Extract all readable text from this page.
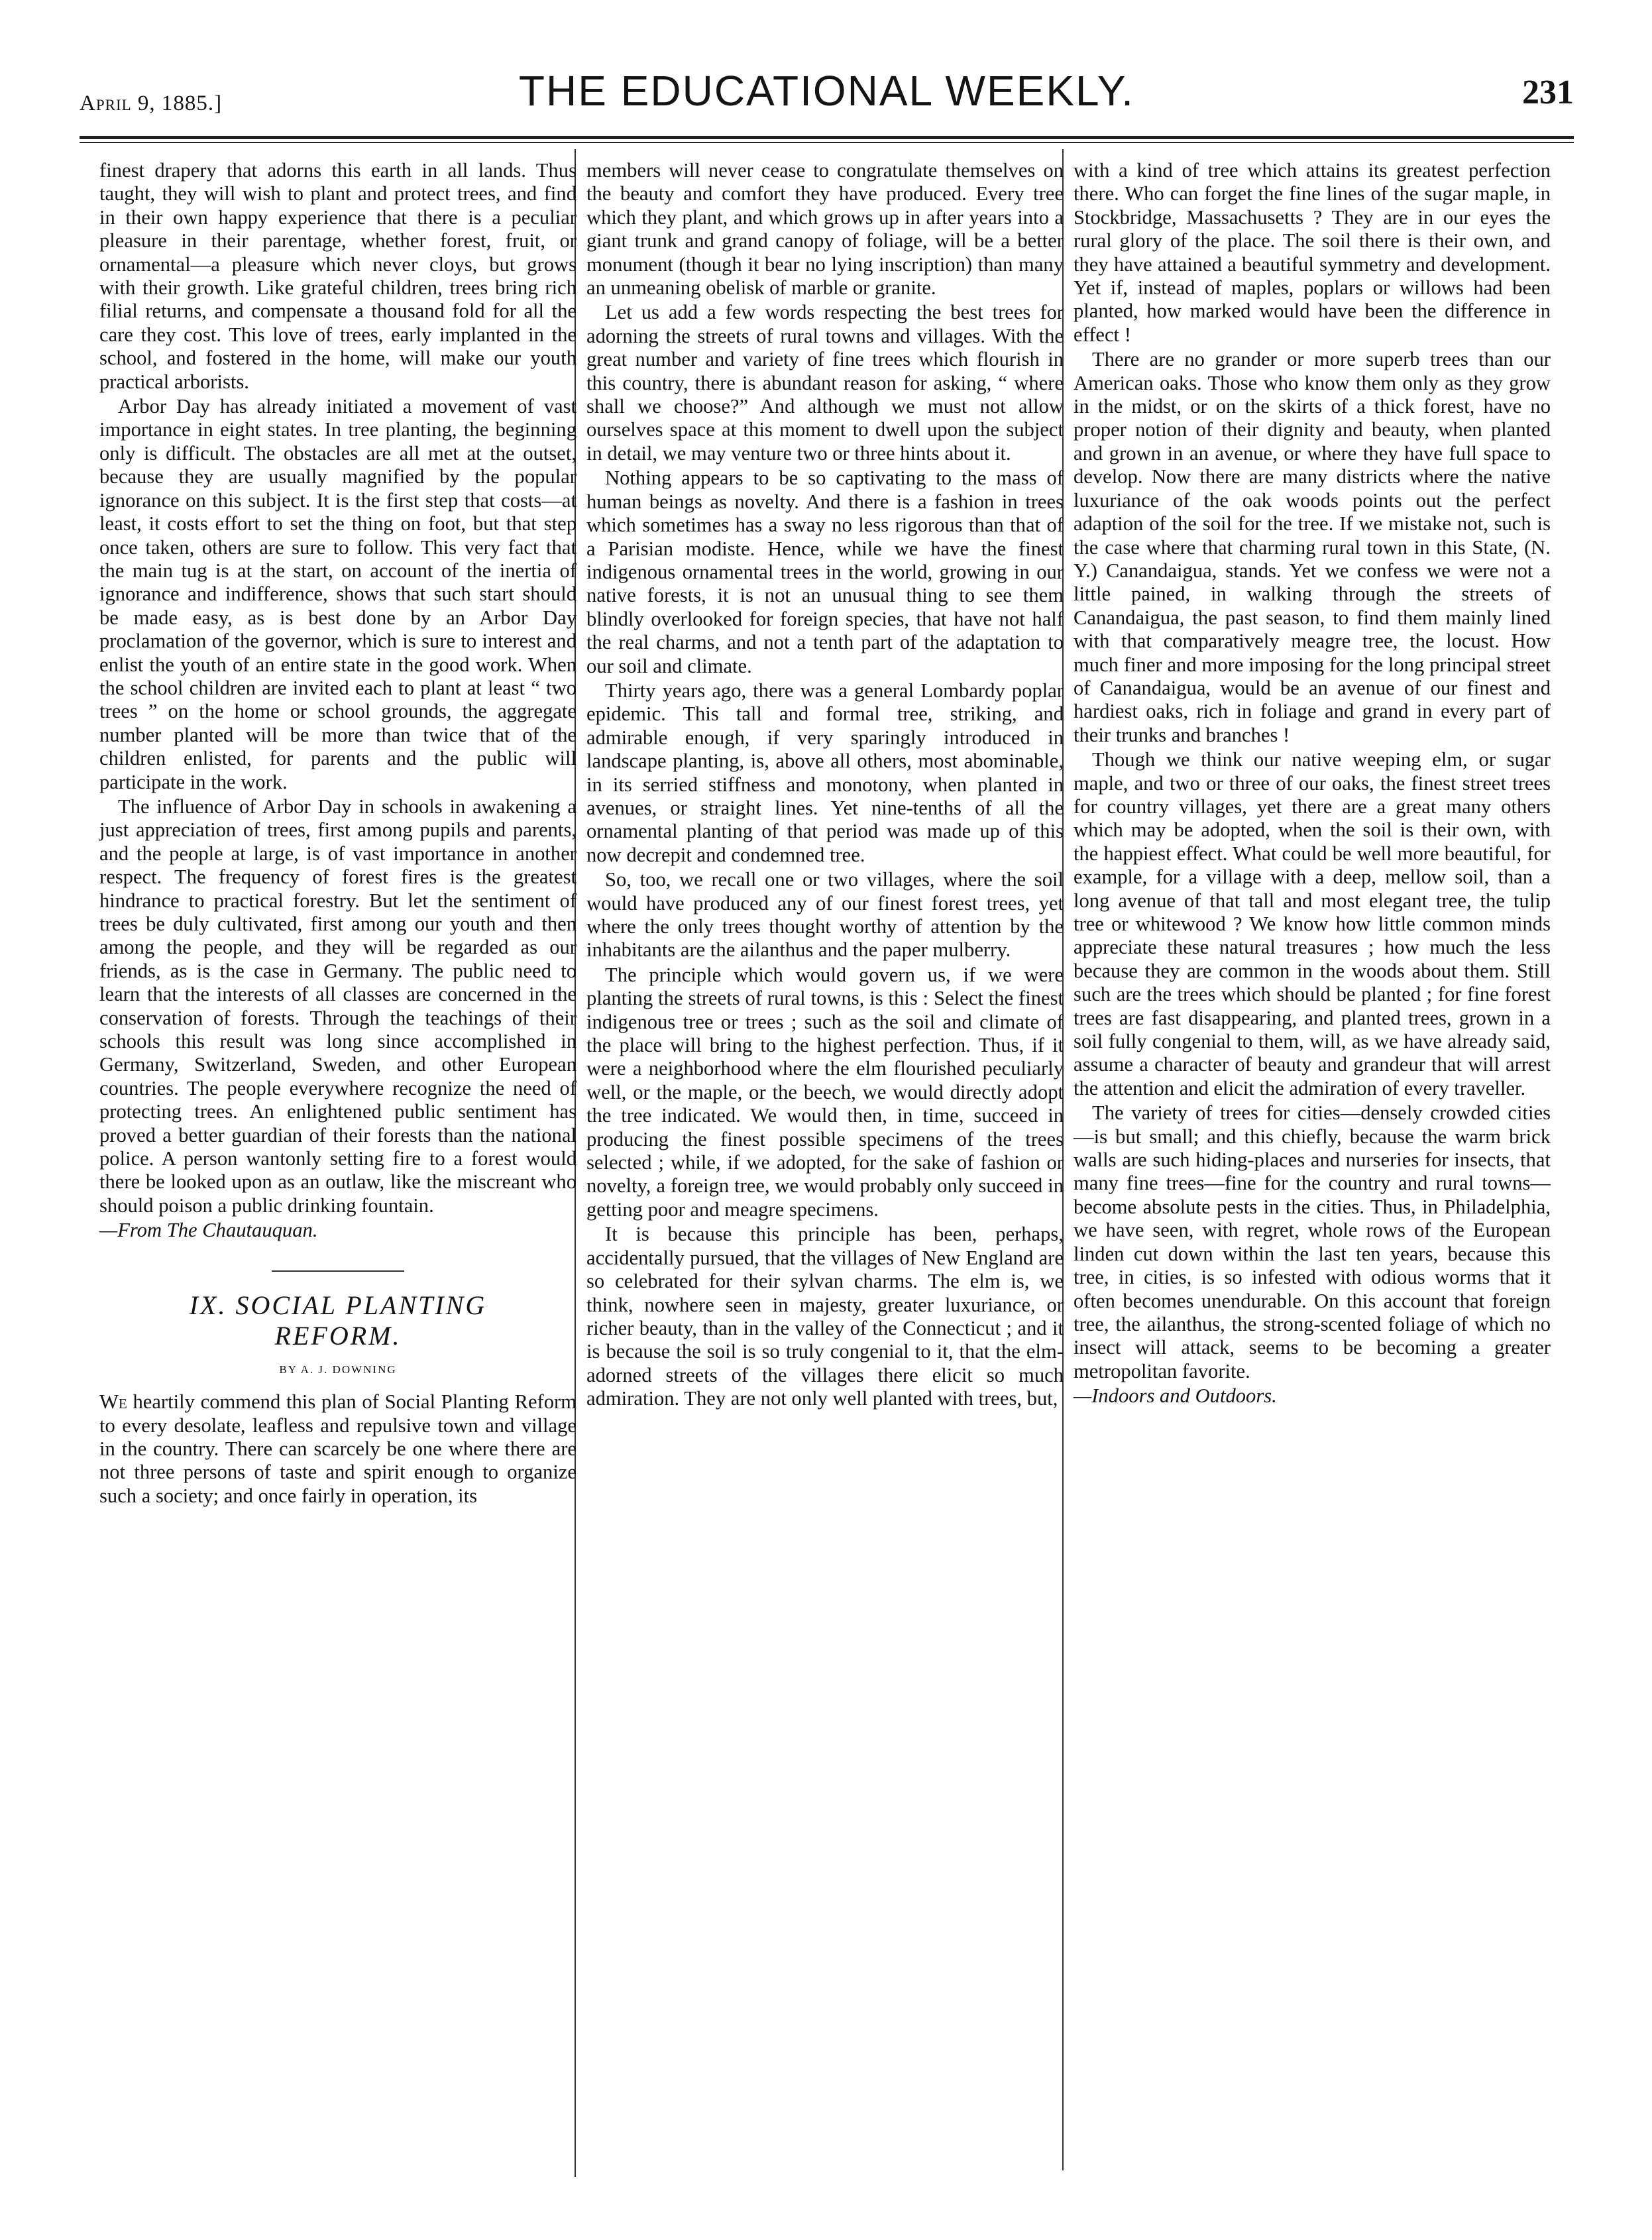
April 9, 1885.]	THE EDUCATIONAL WEEKLY.	231

finest drapery that adorns this earth in all lands. Thus taught, they will wish to plant and protect trees, and find in their own happy experience that there is a peculiar pleasure in their parentage, whether forest, fruit, or ornamental—a pleasure which never cloys, but grows with their growth. Like grateful children, trees bring rich filial returns, and compensate a thousand fold for all the care they cost. This love of trees, early implanted in the school, and fostered in the home, will make our youth practical arborists.

Arbor Day has already initiated a movement of vast importance in eight states. In tree planting, the beginning only is difficult. The obstacles are all met at the outset, because they are usually magnified by the popular ignorance on this subject. It is the first step that costs—at least, it costs effort to set the thing on foot, but that step once taken, others are sure to follow. This very fact that the main tug is at the start, on account of the inertia of ignorance and indifference, shows that such start should be made easy, as is best done by an Arbor Day proclamation of the governor, which is sure to interest and enlist the youth of an entire state in the good work. When the school children are invited each to plant at least “ two trees ” on the home or school grounds, the aggregate number planted will be more than twice that of the children enlisted, for parents and the public will participate in the work.

The influence of Arbor Day in schools in awakening a just appreciation of trees, first among pupils and parents, and the people at large, is of vast importance in another respect. The frequency of forest fires is the greatest hindrance to practical forestry. But let the sentiment of trees be duly cultivated, first among our youth and then among the people, and they will be regarded as our friends, as is the case in Germany. The public need to learn that the interests of all classes are concerned in the conservation of forests. Through the teachings of their schools this result was long since accomplished in Germany, Switzerland, Sweden, and other European countries. The people everywhere recognize the need of protecting trees. An enlightened public sentiment has proved a better guardian of their forests than the national police. A person wantonly setting fire to a forest would there be looked upon as an outlaw, like the miscreant who should poison a public drinking fountain.

—From The Chautauquan.

IX. SOCIAL PLANTING
REFORM.
BY A. J. DOWNING

We heartily commend this plan of Social Planting Reform to every desolate, leafless and repulsive town and village in the country. There can scarcely be one where there are not three persons of taste and spirit enough to organize such a society; and once fairly in operation, its

members will never cease to congratulate themselves on the beauty and comfort they have produced. Every tree which they plant, and which grows up in after years into a giant trunk and grand canopy of foliage, will be a better monument (though it bear no lying inscription) than many an unmeaning obelisk of marble or granite.

Let us add a few words respecting the best trees for adorning the streets of rural towns and villages. With the great number and variety of fine trees which flourish in this country, there is abundant reason for asking, “ where shall we choose?” And although we must not allow ourselves space at this moment to dwell upon the subject in detail, we may venture two or three hints about it.

Nothing appears to be so captivating to the mass of human beings as novelty. And there is a fashion in trees which sometimes has a sway no less rigorous than that of a Parisian modiste. Hence, while we have the finest indigenous ornamental trees in the world, growing in our native forests, it is not an unusual thing to see them blindly overlooked for foreign species, that have not half the real charms, and not a tenth part of the adaptation to our soil and climate.

Thirty years ago, there was a general Lombardy poplar epidemic. This tall and formal tree, striking, and admirable enough, if very sparingly introduced in landscape planting, is, above all others, most abominable, in its serried stiffness and monotony, when planted in avenues, or straight lines. Yet nine-tenths of all the ornamental planting of that period was made up of this now decrepit and condemned tree.

So, too, we recall one or two villages, where the soil would have produced any of our finest forest trees, yet where the only trees thought worthy of attention by the inhabitants are the ailanthus and the paper mulberry.

The principle which would govern us, if we were planting the streets of rural towns, is this : Select the finest indigenous tree or trees ; such as the soil and climate of the place will bring to the highest perfection. Thus, if it were a neighborhood where the elm flourished peculiarly well, or the maple, or the beech, we would directly adopt the tree indicated. We would then, in time, succeed in producing the finest possible specimens of the trees selected ; while, if we adopted, for the sake of fashion or novelty, a foreign tree, we would probably only succeed in getting poor and meagre specimens.

It is because this principle has been, perhaps, accidentally pursued, that the villages of New England are so celebrated for their sylvan charms. The elm is, we think, nowhere seen in majesty, greater luxuriance, or richer beauty, than in the valley of the Connecticut ; and it is because the soil is so truly congenial to it, that the elm-adorned streets of the villages there elicit so much admiration. They are not only well planted with trees, but,

with a kind of tree which attains its greatest perfection there. Who can forget the fine lines of the sugar maple, in Stockbridge, Massachusetts ? They are in our eyes the rural glory of the place. The soil there is their own, and they have attained a beautiful symmetry and development. Yet if, instead of maples, poplars or willows had been planted, how marked would have been the difference in effect !

There are no grander or more superb trees than our American oaks. Those who know them only as they grow in the midst, or on the skirts of a thick forest, have no proper notion of their dignity and beauty, when planted and grown in an avenue, or where they have full space to develop. Now there are many districts where the native luxuriance of the oak woods points out the perfect adaption of the soil for the tree. If we mistake not, such is the case where that charming rural town in this State, (N. Y.) Canandaigua, stands. Yet we confess we were not a little pained, in walking through the streets of Canandaigua, the past season, to find them mainly lined with that comparatively meagre tree, the locust. How much finer and more imposing for the long principal street of Canandaigua, would be an avenue of our finest and hardiest oaks, rich in foliage and grand in every part of their trunks and branches !

Though we think our native weeping elm, or sugar maple, and two or three of our oaks, the finest street trees for country villages, yet there are a great many others which may be adopted, when the soil is their own, with the happiest effect. What could be well more beautiful, for example, for a village with a deep, mellow soil, than a long avenue of that tall and most elegant tree, the tulip tree or whitewood ? We know how little common minds appreciate these natural treasures ; how much the less because they are common in the woods about them. Still such are the trees which should be planted ; for fine forest trees are fast disappearing, and planted trees, grown in a soil fully congenial to them, will, as we have already said, assume a character of beauty and grandeur that will arrest the attention and elicit the admiration of every traveller.

The variety of trees for cities—densely crowded cities—is but small; and this chiefly, because the warm brick walls are such hiding-places and nurseries for insects, that many fine trees—fine for the country and rural towns—become absolute pests in the cities. Thus, in Philadelphia, we have seen, with regret, whole rows of the European linden cut down within the last ten years, because this tree, in cities, is so infested with odious worms that it often becomes unendurable. On this account that foreign tree, the ailanthus, the strong-scented foliage of which no insect will attack, seems to be becoming a greater metropolitan favorite.

—Indoors and Outdoors.
